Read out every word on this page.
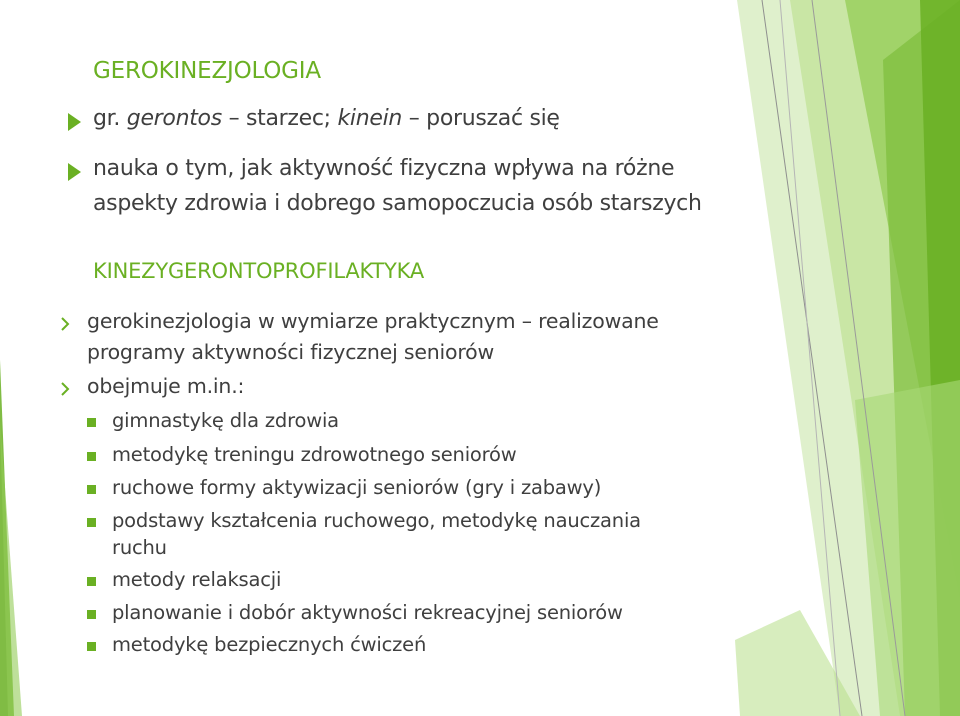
GEROKINEZJOLOGIA
gr. gerontos – starzec; kinein – poruszać się
nauka o tym, jak aktywność fizyczna wpływa na różne
aspekty zdrowia i dobrego samopoczucia osób starszych
KINEZYGERONTOPROFILAKTYKA
gerokinezjologia w wymiarze praktycznym – realizowane
programy aktywności fizycznej seniorów
obejmuje m.in.:
gimnastykę dla zdrowia
metodykę treningu zdrowotnego seniorów
ruchowe formy aktywizacji seniorów (gry i zabawy)
podstawy kształcenia ruchowego, metodykę nauczania
ruchu
metody relaksacji
planowanie i dobór aktywności rekreacyjnej seniorów
metodykę bezpiecznych ćwiczeń
